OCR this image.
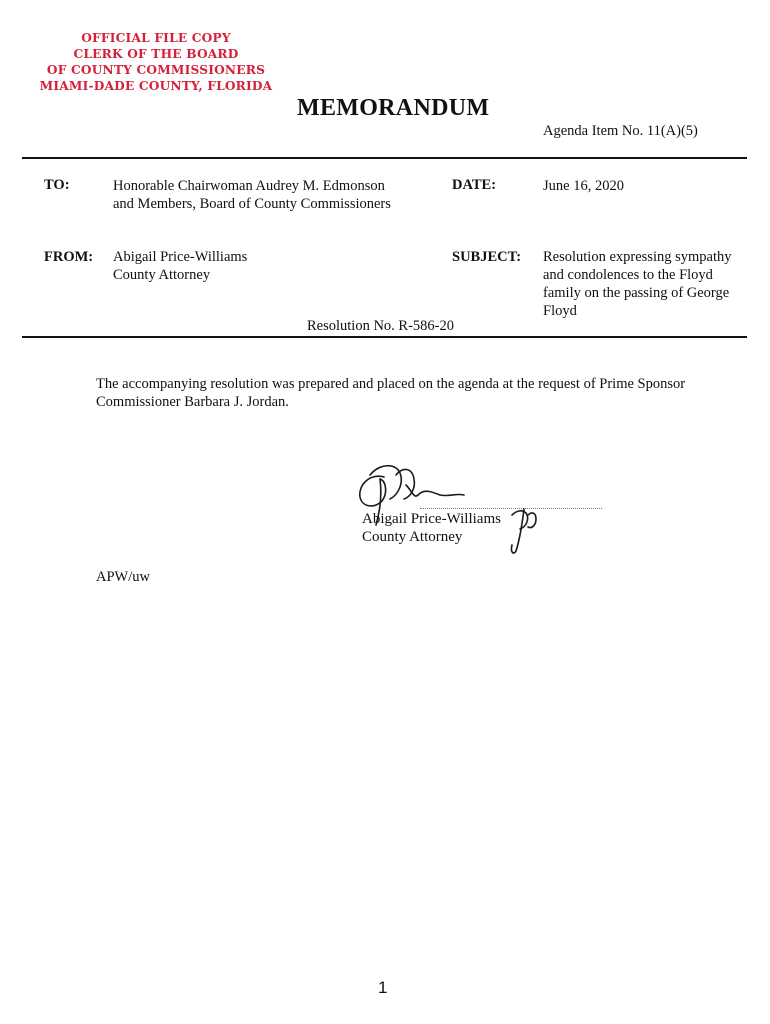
OFFICIAL FILE COPY
CLERK OF THE BOARD
OF COUNTY COMMISSIONERS
MIAMI-DADE COUNTY, FLORIDA
MEMORANDUM
Agenda Item No. 11(A)(5)
TO:	Honorable Chairwoman Audrey M. Edmonson
and Members, Board of County Commissioners
DATE:	June 16, 2020
FROM: Abigail Price-Williams
County Attorney
SUBJECT: Resolution expressing sympathy
and condolences to the Floyd
family on the passing of George
Floyd
Resolution No. R-586-20
The accompanying resolution was prepared and placed on the agenda at the request of Prime Sponsor
Commissioner Barbara J. Jordan.
Abigail Price-Williams
County Attorney
APW/uw
1
